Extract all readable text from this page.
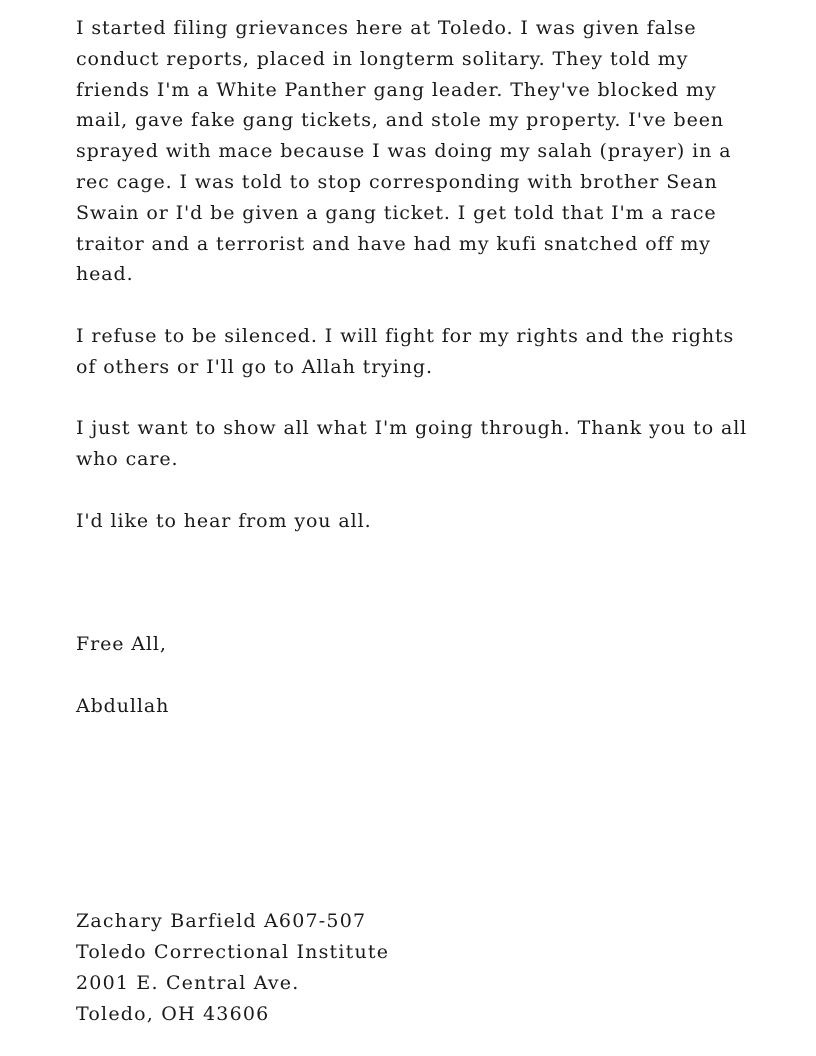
I started filing grievances here at Toledo. I was given false conduct reports, placed in longterm solitary. They told my friends I'm a White Panther gang leader. They've blocked my mail, gave fake gang tickets, and stole my property. I've been sprayed with mace because I was doing my salah (prayer) in a rec cage. I was told to stop corresponding with brother Sean Swain or I'd be given a gang ticket. I get told that I'm a race traitor and a terrorist and have had my kufi snatched off my head.

I refuse to be silenced. I will fight for my rights and the rights of others or I'll go to Allah trying.

I just want to show all what I'm going through. Thank you to all who care.

I'd like to hear from you all.

Free All,

Abdullah

Zachary Barfield A607-507
Toledo Correctional Institute
2001 E. Central Ave.
Toledo, OH 43606
